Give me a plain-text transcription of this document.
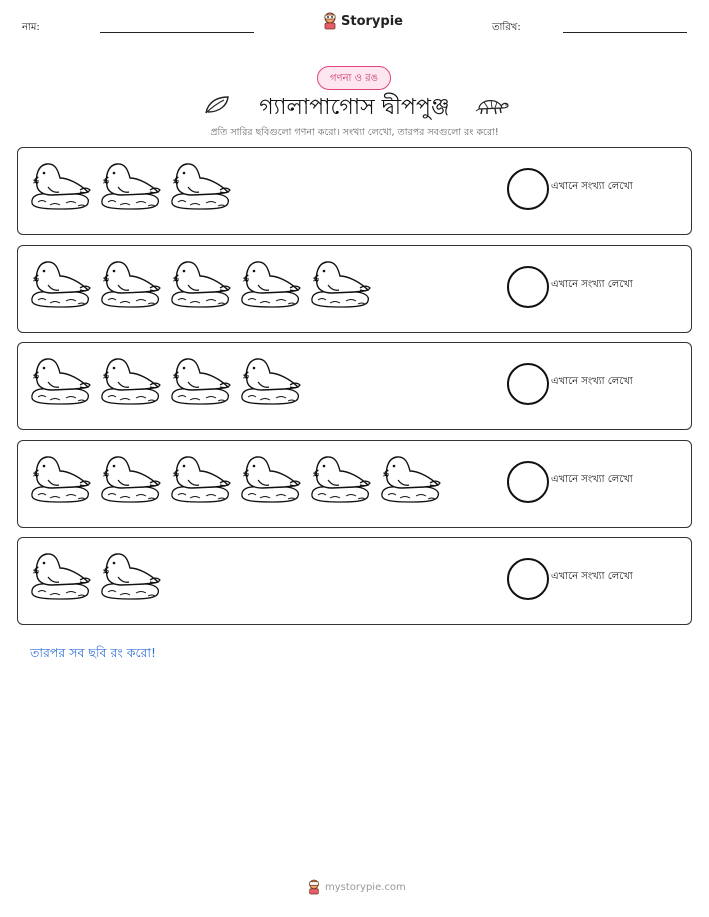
নাম:	Storypie	তারিখ:
গণনা ও রঙ
গ্যালাপাগোস দ্বীপপুঞ্জ
প্রতি সারির ছবিগুলো গণনা করো। সংখ্যা লেখো, তারপর সবগুলো রং করো!
এখানে সংখ্যা লেখো
এখানে সংখ্যা লেখো
এখানে সংখ্যা লেখো
এখানে সংখ্যা লেখো
এখানে সংখ্যা লেখো
তারপর সব ছবি রং করো!
mystorypie.com
